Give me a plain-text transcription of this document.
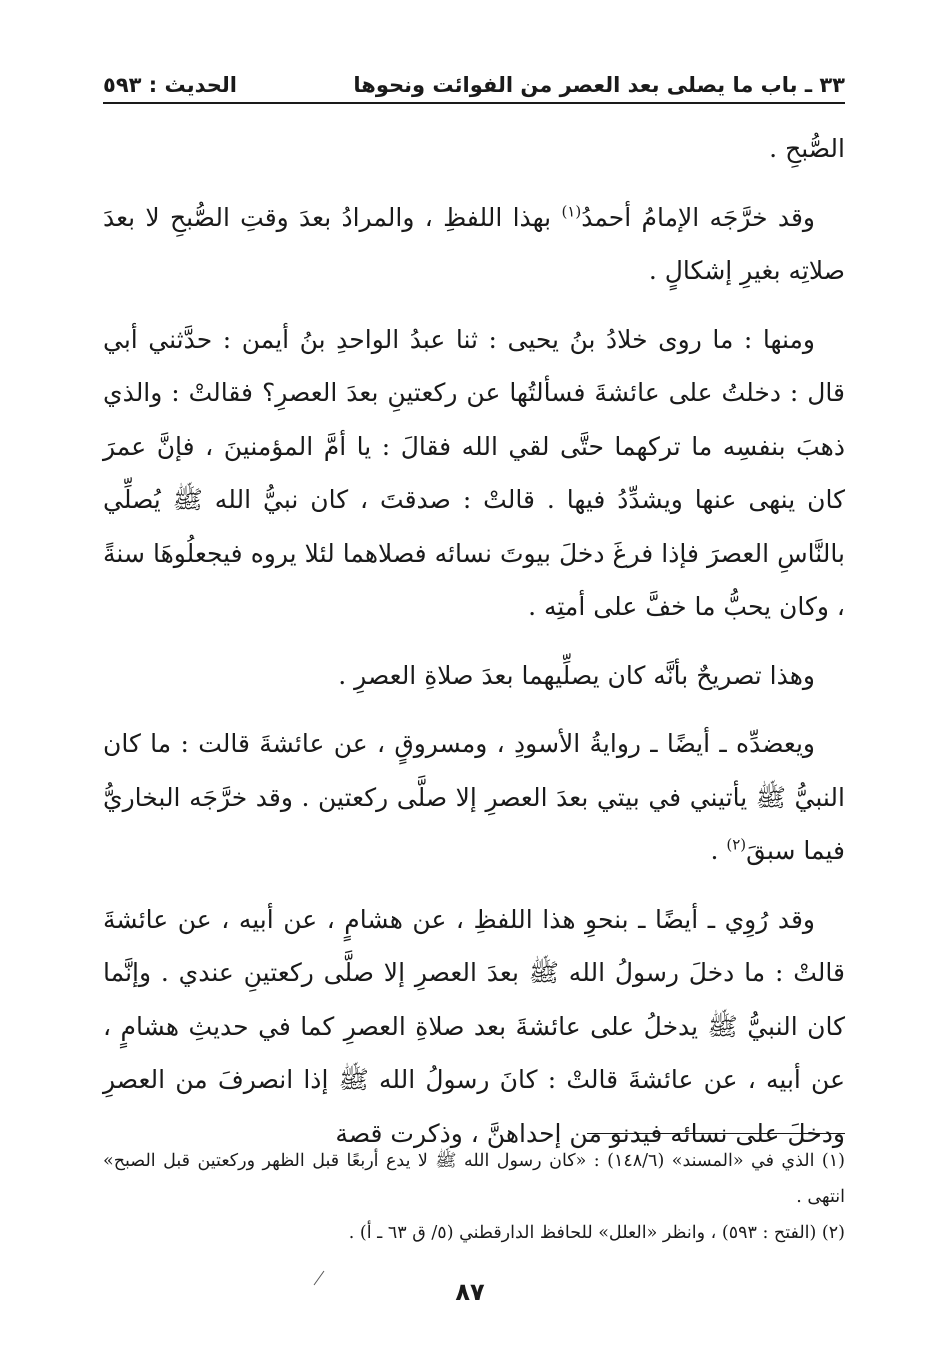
٣٣ ـ باب ما يصلى بعد العصر من الفوائت ونحوها
الحديث : ٥٩٣

الصُّبحِ .

وقد خرَّجَه الإمامُ أحمدُ$^{(١)}$ بهذا اللفظِ ، والمرادُ بعدَ وقتِ الصُّبحِ لا بعدَ صلاتِه بغيرِ إشكالٍ .

ومنها : ما روى خلادُ بنُ يحيى : ثنا عبدُ الواحدِ بنُ أيمن : حدَّثني أبي قال : دخلتُ على عائشةَ فسألتُها عن ركعتينِ بعدَ العصرِ؟ فقالتْ : والذي ذهبَ بنفسِه ما تركهما حتَّى لقي الله فقالَ : يا أمَّ المؤمنينَ ، فإنَّ عمرَ كان ينهى عنها ويشدِّدُ فيها . قالتْ : صدقتَ ، كان نبيُّ الله ﷺ يُصلِّي بالنَّاسِ العصرَ فإذا فرغَ دخلَ بيوتَ نسائه فصلاهما لئلا يروه فيجعلُوهَا سنةً ، وكان يحبُّ ما خفَّ على أمتِه .

وهذا تصريحٌ بأنَّه كان يصلِّيهما بعدَ صلاةِ العصرِ .

ويعضدِّه ـ أيضًا ـ روايةُ الأسودِ ، ومسروقٍ ، عن عائشةَ قالت : ما كان النبيُّ ﷺ يأتيني في بيتي بعدَ العصرِ إلا صلَّى ركعتين . وقد خرَّجَه البخاريُّ فيما سبقَ$^{(٢)}$ .

وقد رُوِي ـ أيضًا ـ بنحوِ هذا اللفظِ ، عن هشامٍ ، عن أبيه ، عن عائشةَ قالتْ : ما دخلَ رسولُ الله ﷺ بعدَ العصرِ إلا صلَّى ركعتينِ عندي . وإنَّما كان النبيُّ ﷺ يدخلُ على عائشةَ بعد صلاةِ العصرِ كما في حديثِ هشامٍ ، عن أبيه ، عن عائشةَ قالتْ : كانَ رسولُ الله ﷺ إذا انصرفَ من العصرِ ودخلَ على نسائه فيدنو من إحداهنَّ ، وذكرت قصة

(١) الذي في «المسند» (١٤٨/٦) : «كان رسول الله ﷺ لا يدع أربعًا قبل الظهر وركعتين قبل الصبح» انتهى .

(٢) (الفتح : ٥٩٣) ، وانظر «العلل» للحافظ الدارقطني (٥/ ق ٦٣ ـ أ) .

٨٧
